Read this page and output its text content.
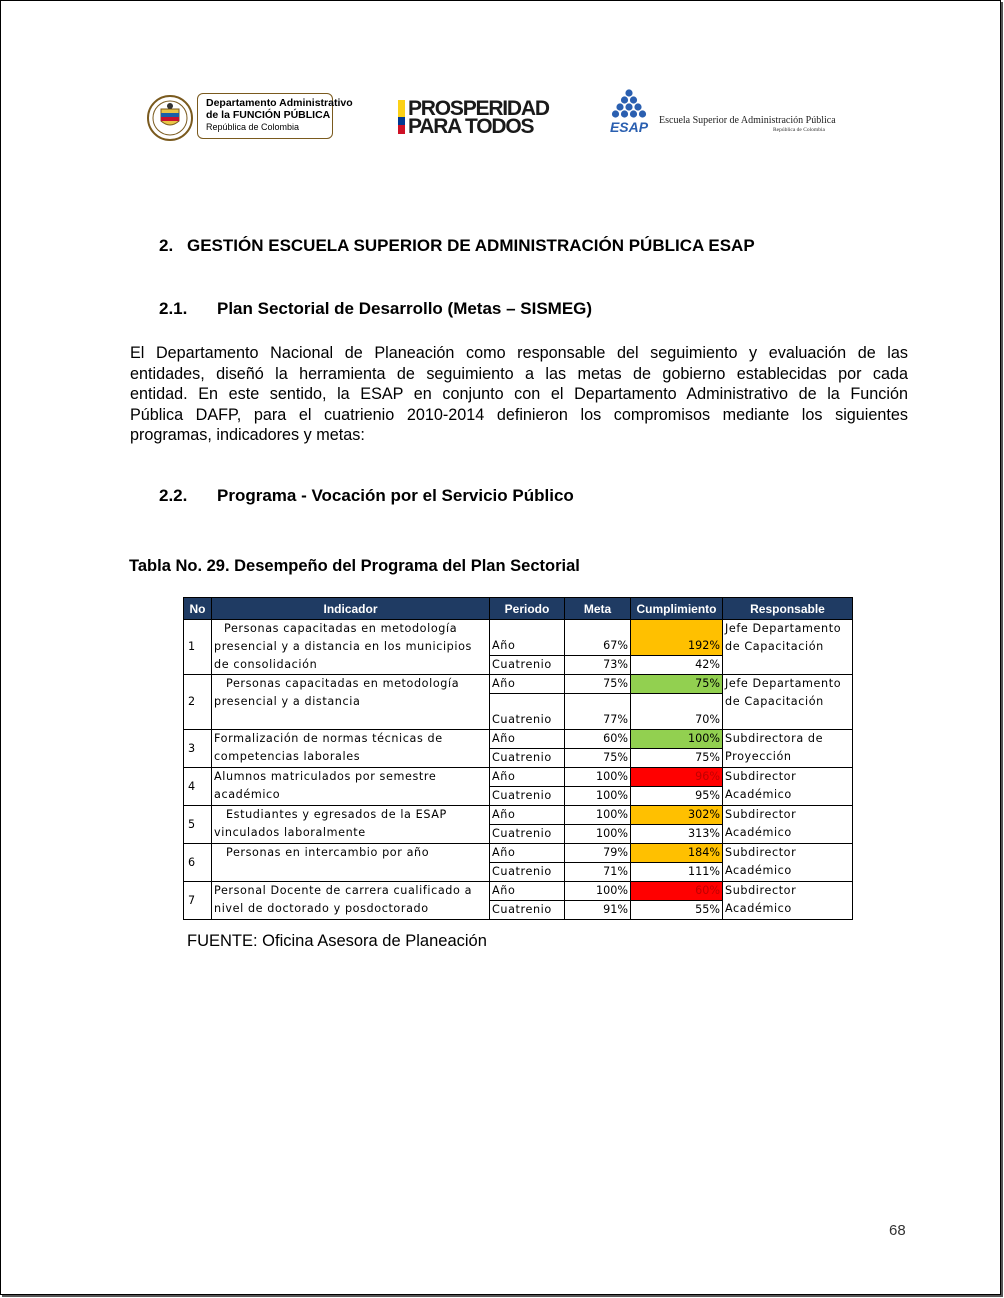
Departamento Administrativo
de la FUNCIÓN PÚBLICA
República de Colombia
PROSPERIDAD
PARA TODOS	ESAP Escuela Superior de Administración Pública
República de Colombia
2. GESTIÓN ESCUELA SUPERIOR DE ADMINISTRACIÓN PÚBLICA ESAP
2.1. Plan Sectorial de Desarrollo (Metas – SISMEG)
El Departamento Nacional de Planeación como responsable del seguimiento y evaluación de las
entidades, diseñó la herramienta de seguimiento a las metas de gobierno establecidas por cada
entidad. En este sentido, la ESAP en conjunto con el Departamento Administrativo de la Función
Pública DAFP, para el cuatrienio 2010-2014 definieron los compromisos mediante los siguientes
programas, indicadores y metas:
2.2. Programa - Vocación por el Servicio Público
Tabla No. 29. Desempeño del Programa del Plan Sectorial
No	Indicador	Periodo	Meta	Cumplimiento	Responsable
1	Personas capacitadas en metodología presencial y a distancia en los municipios de consolidación	Año	67%	192%	Jefe Departamento de Capacitación

		Cuatrenio	73%	42%	
2	Personas capacitadas en metodología presencial y a distancia	Año	75%	75%	Jefe Departamento de Capacitación

		Cuatrenio	77%	70%	
3	Formalización de normas técnicas de competencias laborales	Año	60%	100%	Subdirectora de Proyección

		Cuatrenio	75%	75%	
4	Alumnos matriculados por semestre académico	Año	100%	96%	Subdirector Académico

		Cuatrenio	100%	95%	
5	Estudiantes y egresados de la ESAP vinculados laboralmente	Año	100%	302%	Subdirector Académico

		Cuatrenio	100%	313%	
6	Personas en intercambio por año	Año	79%	184%	Subdirector Académico

		Cuatrenio	71%	111%	
7	Personal Docente de carrera cualificado a nivel de doctorado y posdoctorado	Año	100%	60%	Subdirector Académico

		Cuatrenio	91%	55%	
FUENTE: Oficina Asesora de Planeación
68
